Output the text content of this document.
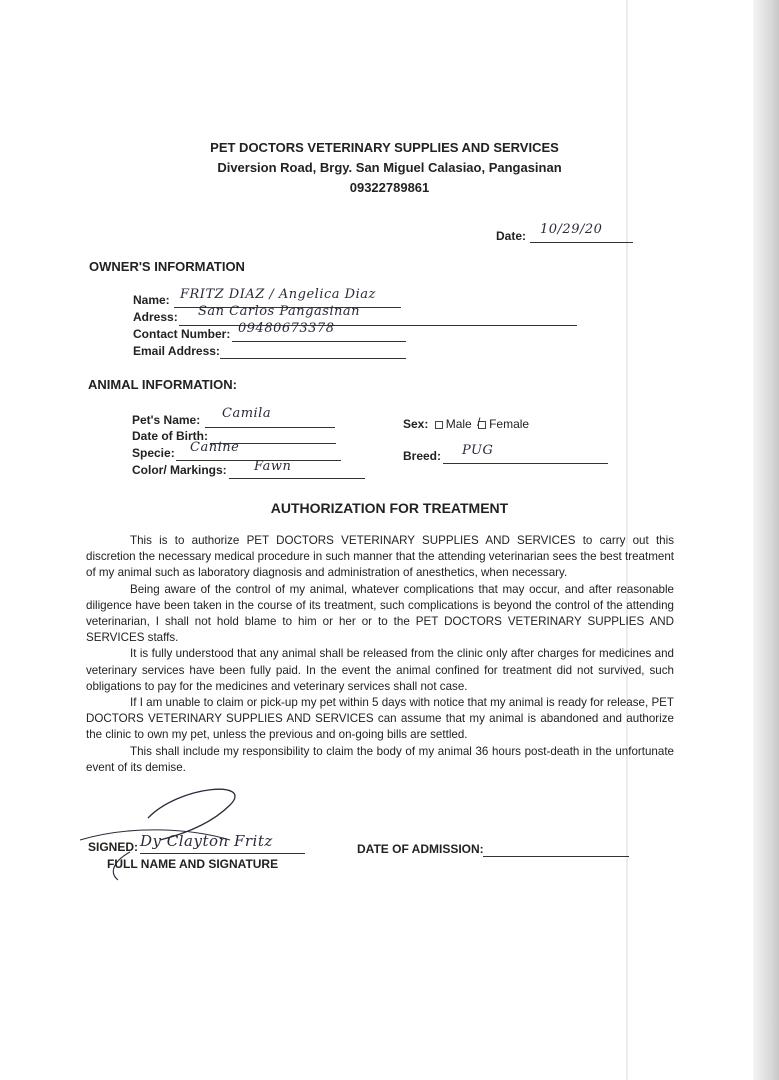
PET DOCTORS VETERINARY SUPPLIES AND SERVICES
Diversion Road, Brgy. San Miguel Calasiao, Pangasinan
09322789861
Date: 10/29/20
OWNER'S INFORMATION
Name: FRITZ DIAZ / Angelica Diaz
Adress: San Carlos Pangasinan
Contact Number: 09480673378
Email Address:
ANIMAL INFORMATION:
Pet's Name: Camila
Date of Birth:
Specie: Canine
Color/ Markings: Fawn
Sex: Male / Female
Breed: PUG
AUTHORIZATION FOR TREATMENT

This is to authorize PET DOCTORS VETERINARY SUPPLIES AND SERVICES to carry out this discretion the necessary medical procedure in such manner that the attending veterinarian sees the best treatment of my animal such as laboratory diagnosis and administration of anesthetics, when necessary.

Being aware of the control of my animal, whatever complications that may occur, and after reasonable diligence have been taken in the course of its treatment, such complications is beyond the control of the attending veterinarian, I shall not hold blame to him or her or to the PET DOCTORS VETERINARY SUPPLIES AND SERVICES staffs.

It is fully understood that any animal shall be released from the clinic only after charges for medicines and veterinary services have been fully paid. In the event the animal confined for treatment did not survived, such obligations to pay for the medicines and veterinary services shall not case.

If I am unable to claim or pick-up my pet within 5 days with notice that my animal is ready for release, PET DOCTORS VETERINARY SUPPLIES AND SERVICES can assume that my animal is abandoned and authorize the clinic to own my pet, unless the previous and on-going bills are settled.

This shall include my responsibility to claim the body of my animal 36 hours post-death in the unfortunate event of its demise.

SIGNED: Dy Clayton Fritz
FULL NAME AND SIGNATURE
DATE OF ADMISSION:
